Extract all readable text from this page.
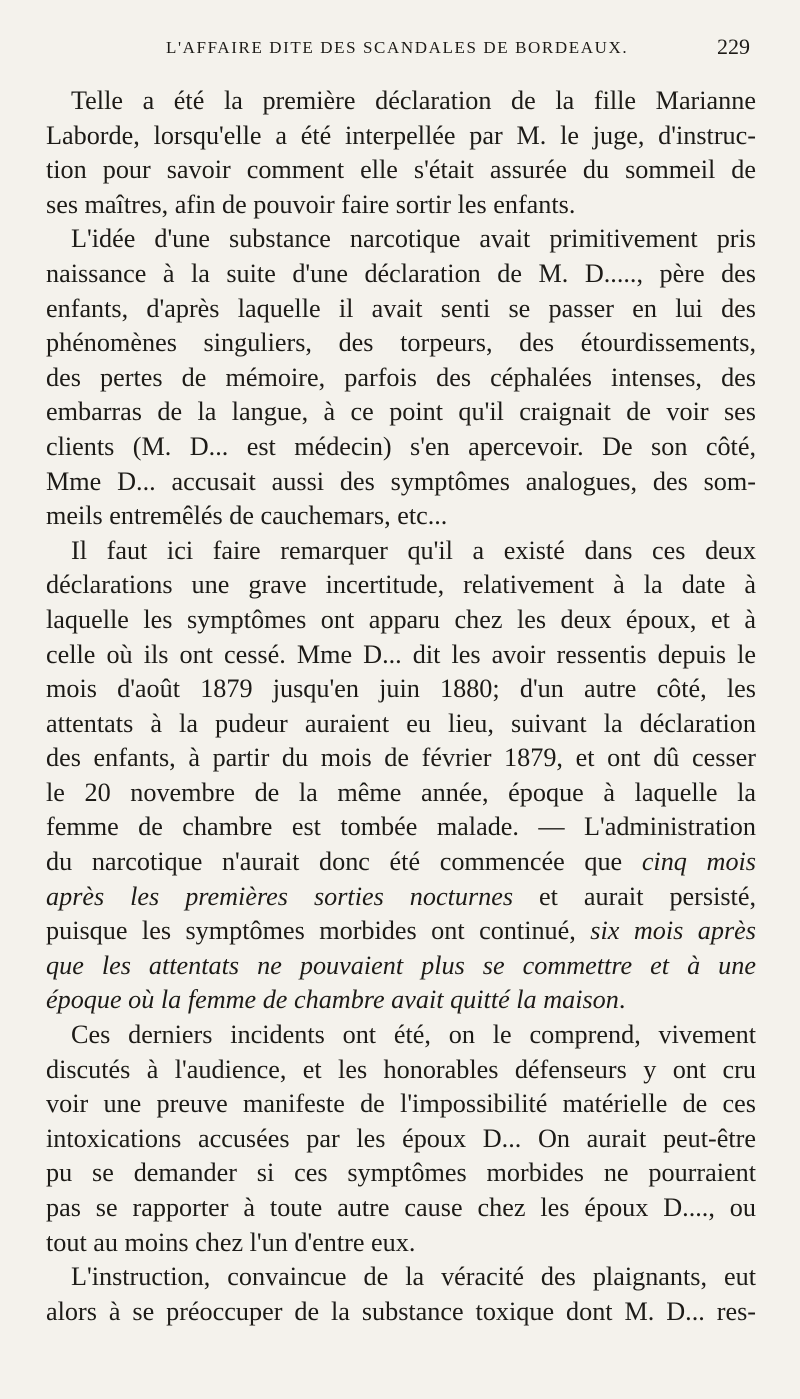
L'AFFAIRE DITE DES SCANDALES DE BORDEAUX.	229
Telle a été la première déclaration de la fille Marianne
Laborde, lorsqu'elle a été interpellée par M. le juge, d'instruc-
tion pour savoir comment elle s'était assurée du sommeil de
ses maîtres, afin de pouvoir faire sortir les enfants.
L'idée d'une substance narcotique avait primitivement pris
naissance à la suite d'une déclaration de M. D....., père des
enfants, d'après laquelle il avait senti se passer en lui des
phénomènes singuliers, des torpeurs, des étourdissements,
des pertes de mémoire, parfois des céphalées intenses, des
embarras de la langue, à ce point qu'il craignait de voir ses
clients (M. D... est médecin) s'en apercevoir. De son côté,
Mme D... accusait aussi des symptômes analogues, des som-
meils entremêlés de cauchemars, etc...
Il faut ici faire remarquer qu'il a existé dans ces deux
déclarations une grave incertitude, relativement à la date à
laquelle les symptômes ont apparu chez les deux époux, et à
celle où ils ont cessé. Mme D... dit les avoir ressentis depuis le
mois d'août 1879 jusqu'en juin 1880; d'un autre côté, les
attentats à la pudeur auraient eu lieu, suivant la déclaration
des enfants, à partir du mois de février 1879, et ont dû cesser
le 20 novembre de la même année, époque à laquelle la
femme de chambre est tombée malade. — L'administration
du narcotique n'aurait donc été commencée que cinq mois
après les premières sorties nocturnes et aurait persisté,
puisque les symptômes morbides ont continué, six mois après
que les attentats ne pouvaient plus se commettre et à une
époque où la femme de chambre avait quitté la maison.
Ces derniers incidents ont été, on le comprend, vivement
discutés à l'audience, et les honorables défenseurs y ont cru
voir une preuve manifeste de l'impossibilité matérielle de ces
intoxications accusées par les époux D... On aurait peut-être
pu se demander si ces symptômes morbides ne pourraient
pas se rapporter à toute autre cause chez les époux D...., ou
tout au moins chez l'un d'entre eux.
L'instruction, convaincue de la véracité des plaignants, eut
alors à se préoccuper de la substance toxique dont M. D... res-
